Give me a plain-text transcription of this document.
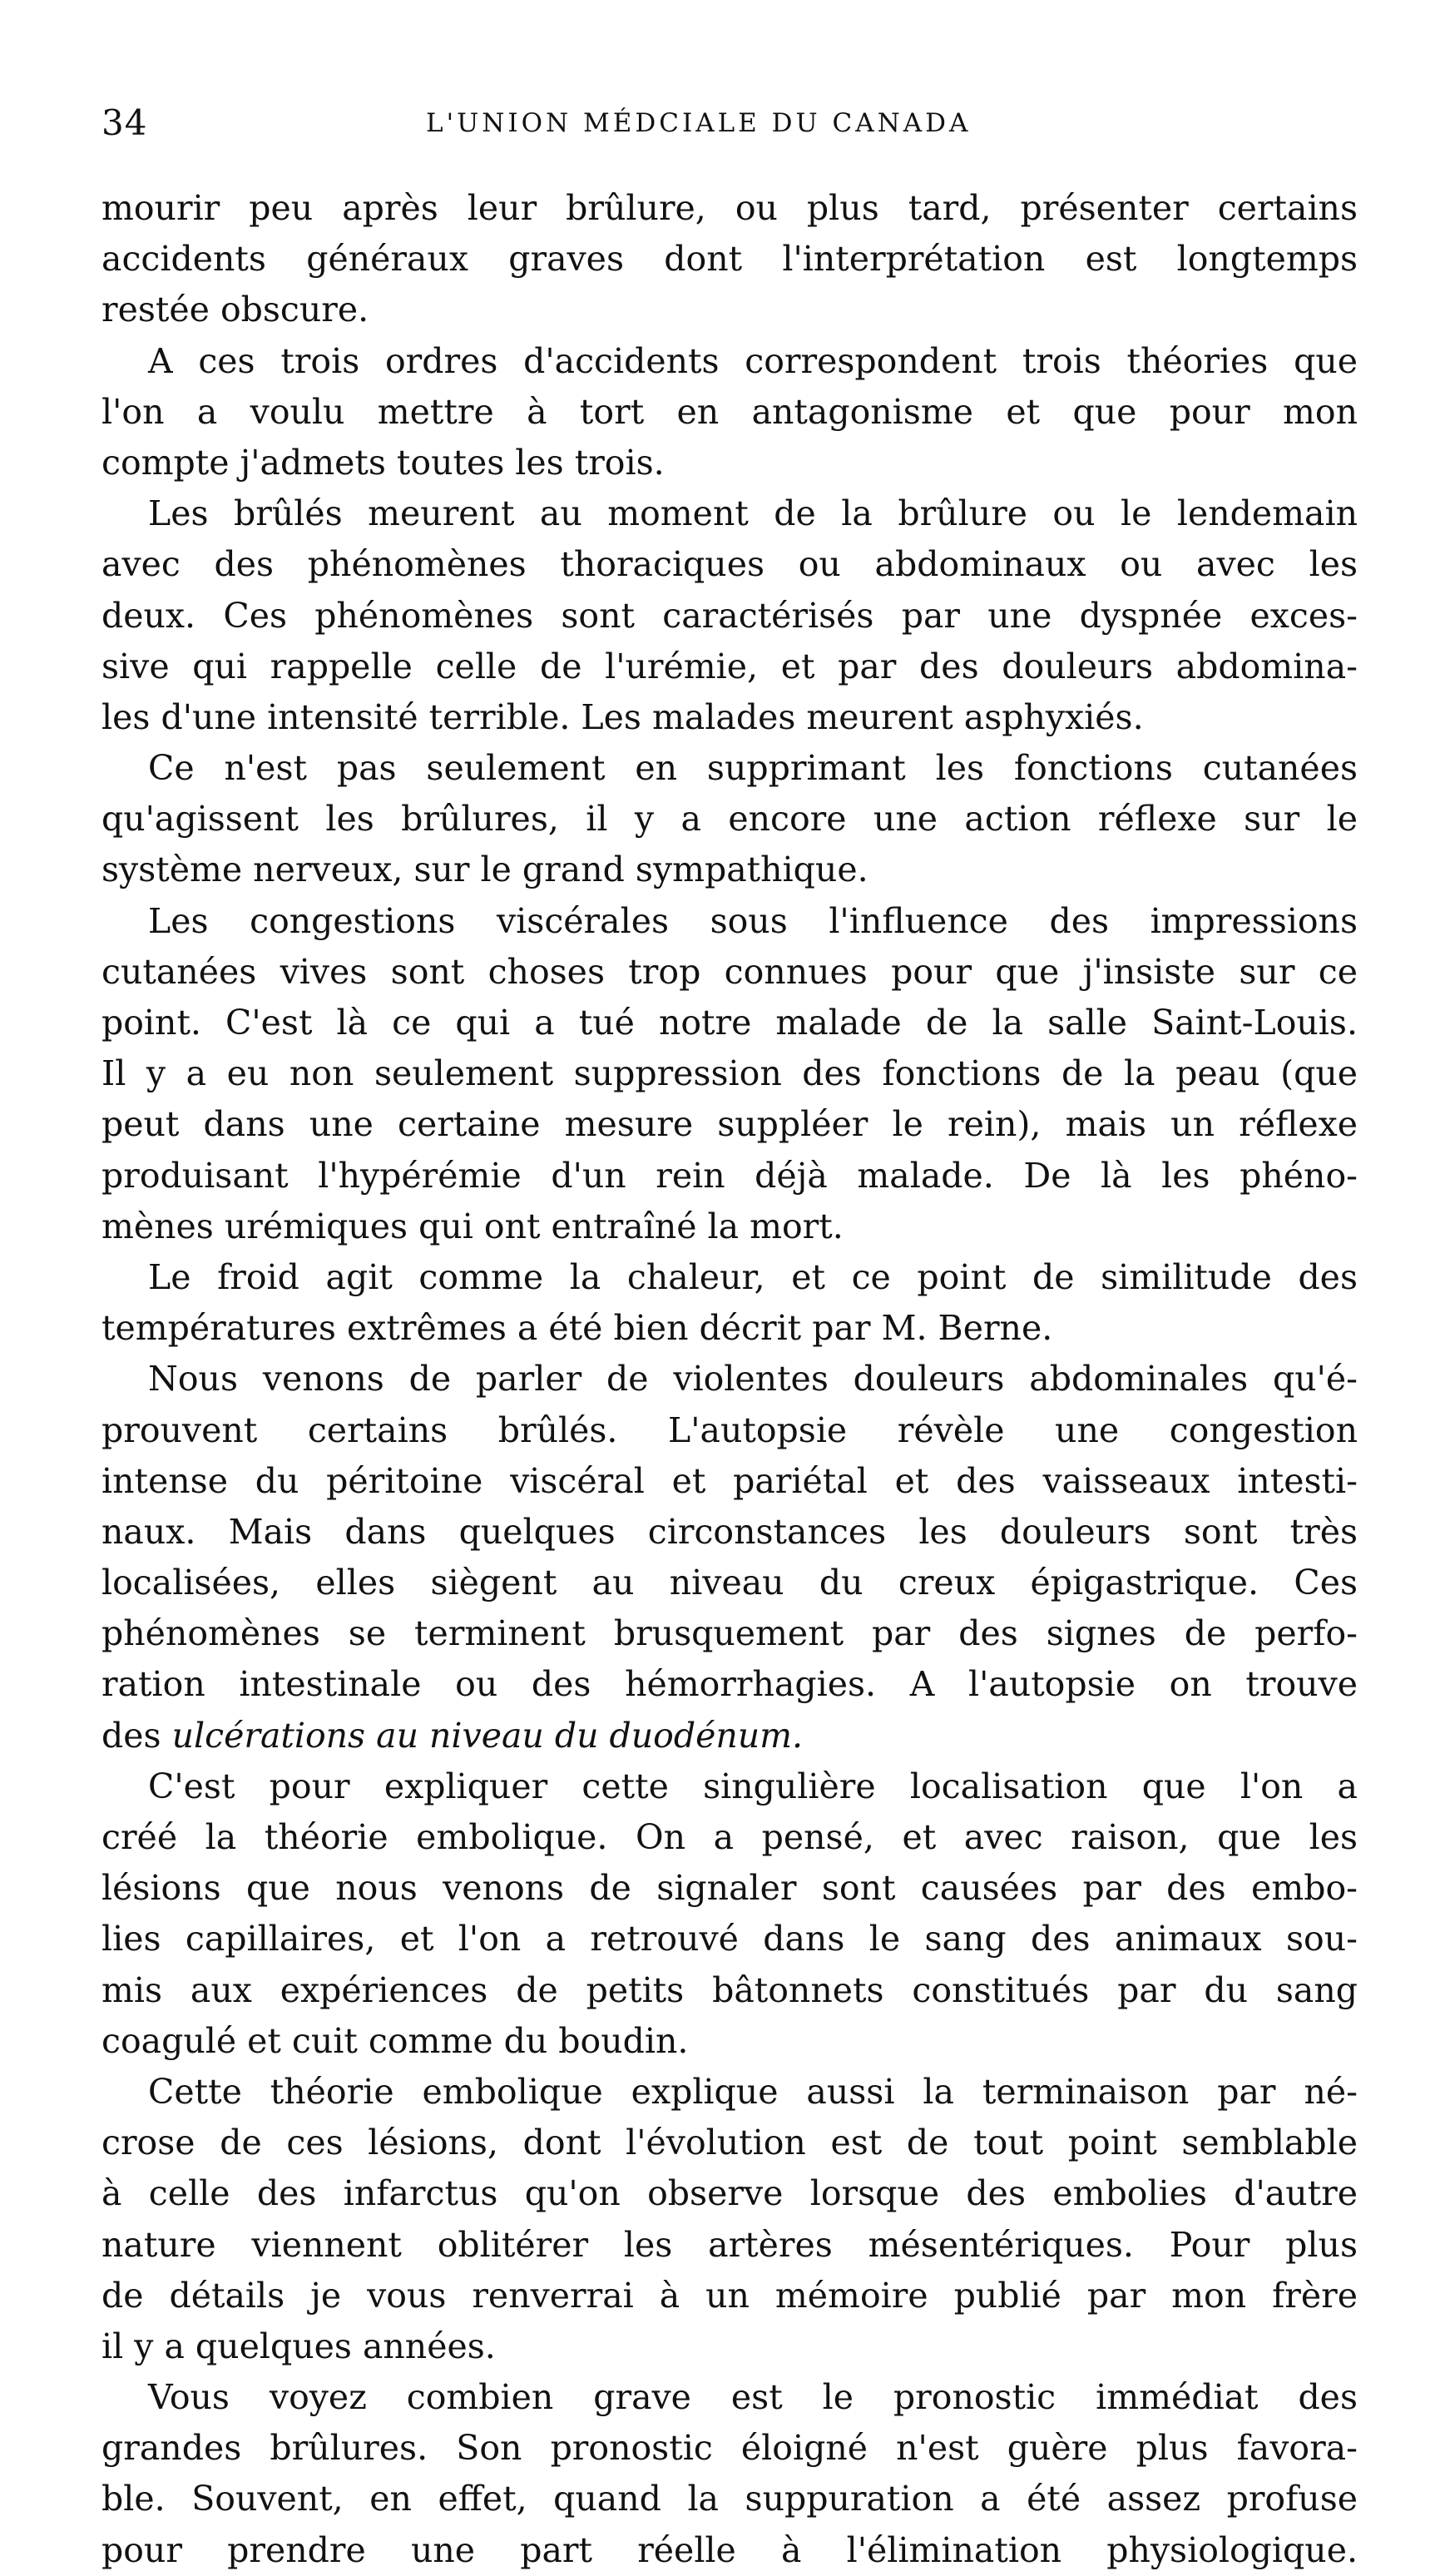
34	L'UNION MÉDCIALE DU CANADA
mourir peu après leur brûlure, ou plus tard, présenter certains
accidents généraux graves dont l'interprétation est longtemps
restée obscure.
A ces trois ordres d'accidents correspondent trois théories que
l'on a voulu mettre à tort en antagonisme et que pour mon
compte j'admets toutes les trois.
Les brûlés meurent au moment de la brûlure ou le lendemain
avec des phénomènes thoraciques ou abdominaux ou avec les
deux. Ces phénomènes sont caractérisés par une dyspnée exces-
sive qui rappelle celle de l'urémie, et par des douleurs abdomina-
les d'une intensité terrible. Les malades meurent asphyxiés.
Ce n'est pas seulement en supprimant les fonctions cutanées
qu'agissent les brûlures, il y a encore une action réflexe sur le
système nerveux, sur le grand sympathique.
Les congestions viscérales sous l'influence des impressions
cutanées vives sont choses trop connues pour que j'insiste sur ce
point. C'est là ce qui a tué notre malade de la salle Saint-Louis.
Il y a eu non seulement suppression des fonctions de la peau (que
peut dans une certaine mesure suppléer le rein), mais un réflexe
produisant l'hypérémie d'un rein déjà malade. De là les phéno-
mènes urémiques qui ont entraîné la mort.
Le froid agit comme la chaleur, et ce point de similitude des
températures extrêmes a été bien décrit par M. Berne.
Nous venons de parler de violentes douleurs abdominales qu'é-
prouvent certains brûlés. L'autopsie révèle une congestion
intense du péritoine viscéral et pariétal et des vaisseaux intesti-
naux. Mais dans quelques circonstances les douleurs sont très
localisées, elles siègent au niveau du creux épigastrique. Ces
phénomènes se terminent brusquement par des signes de perfo-
ration intestinale ou des hémorrhagies. A l'autopsie on trouve
des ulcérations au niveau du duodénum.
C'est pour expliquer cette singulière localisation que l'on a
créé la théorie embolique. On a pensé, et avec raison, que les
lésions que nous venons de signaler sont causées par des embo-
lies capillaires, et l'on a retrouvé dans le sang des animaux sou-
mis aux expériences de petits bâtonnets constitués par du sang
coagulé et cuit comme du boudin.
Cette théorie embolique explique aussi la terminaison par né-
crose de ces lésions, dont l'évolution est de tout point semblable
à celle des infarctus qu'on observe lorsque des embolies d'autre
nature viennent oblitérer les artères mésentériques. Pour plus
de détails je vous renverrai à un mémoire publié par mon frère
il y a quelques années.
Vous voyez combien grave est le pronostic immédiat des
grandes brûlures. Son pronostic éloigné n'est guère plus favora-
ble. Souvent, en effet, quand la suppuration a été assez profuse
pour prendre une part réelle à l'élimination physiologique.
